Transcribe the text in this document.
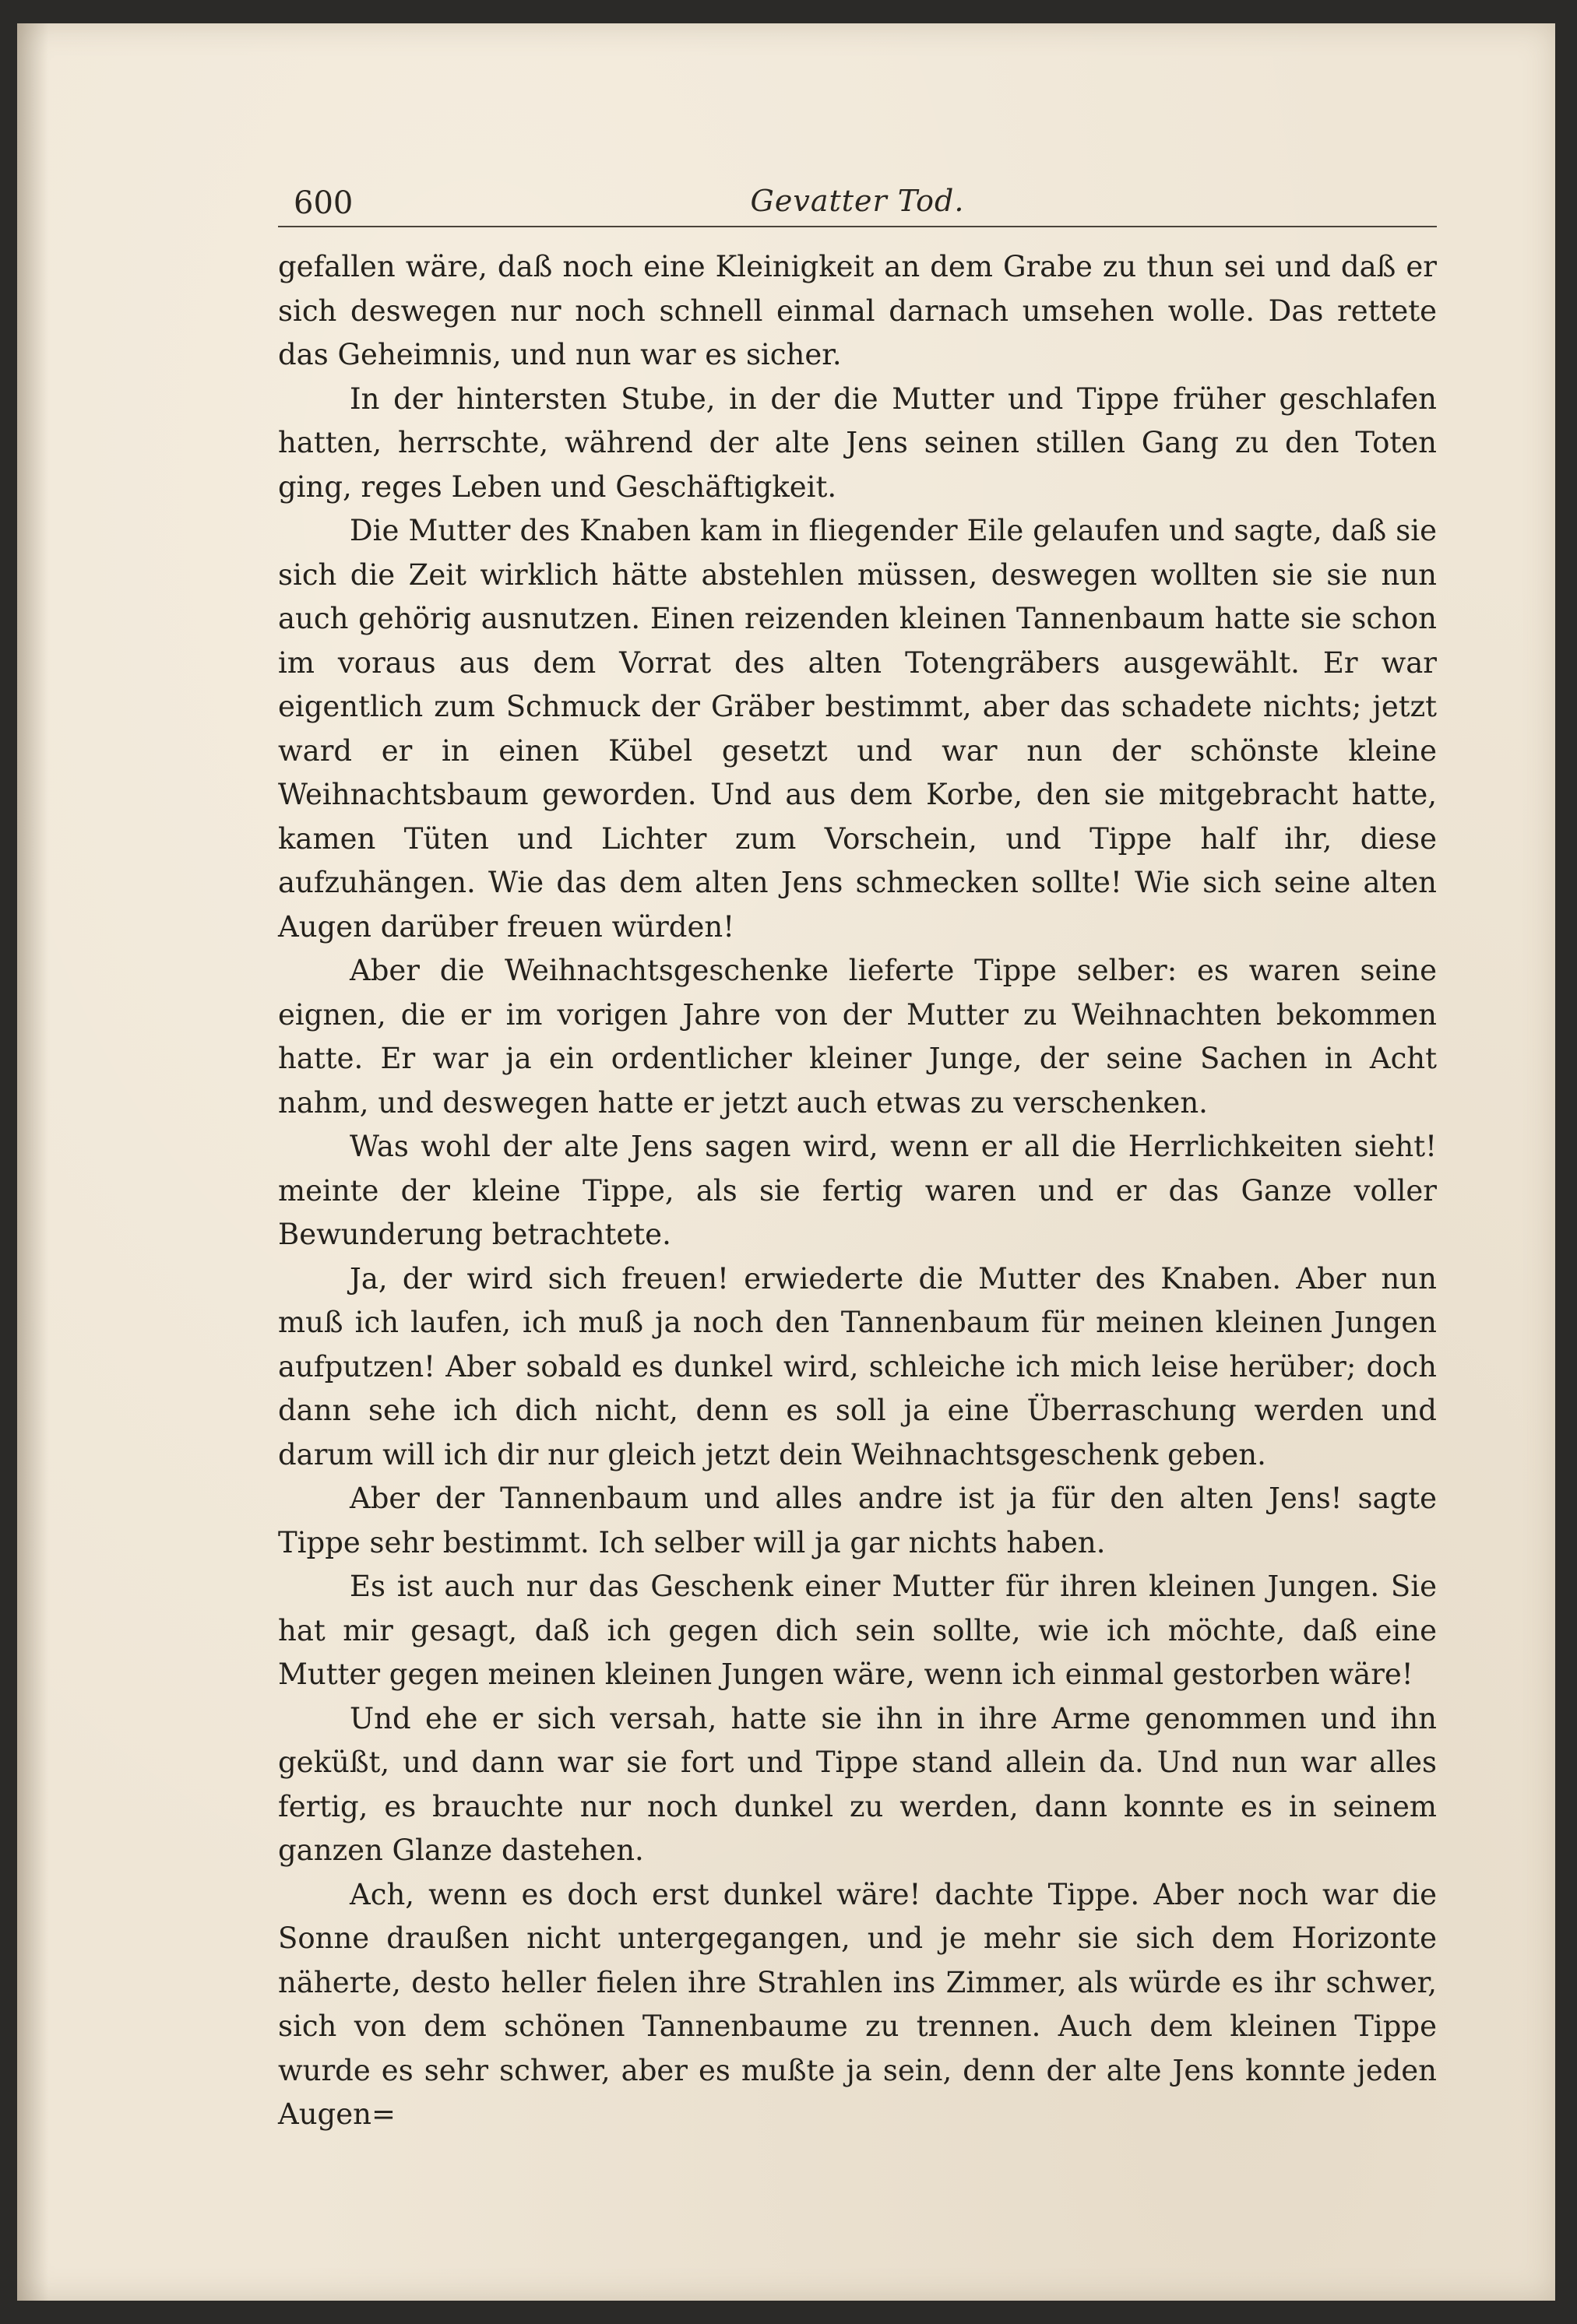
600	Gevatter Tod.

gefallen wäre, daß noch eine Kleinigkeit an dem Grabe zu thun sei und daß er sich deswegen nur noch schnell einmal darnach umsehen wolle. Das rettete das Geheimnis, und nun war es sicher.

In der hintersten Stube, in der die Mutter und Tippe früher geschlafen hatten, herrschte, während der alte Jens seinen stillen Gang zu den Toten ging, reges Leben und Geschäftigkeit.

Die Mutter des Knaben kam in fliegender Eile gelaufen und sagte, daß sie sich die Zeit wirklich hätte abstehlen müssen, deswegen wollten sie sie nun auch gehörig ausnutzen. Einen reizenden kleinen Tannenbaum hatte sie schon im voraus aus dem Vorrat des alten Totengräbers ausgewählt. Er war eigentlich zum Schmuck der Gräber bestimmt, aber das schadete nichts; jetzt ward er in einen Kübel gesetzt und war nun der schönste kleine Weihnachtsbaum geworden. Und aus dem Korbe, den sie mitgebracht hatte, kamen Tüten und Lichter zum Vorschein, und Tippe half ihr, diese aufzuhängen. Wie das dem alten Jens schmecken sollte! Wie sich seine alten Augen darüber freuen würden!

Aber die Weihnachtsgeschenke lieferte Tippe selber: es waren seine eignen, die er im vorigen Jahre von der Mutter zu Weihnachten bekommen hatte. Er war ja ein ordentlicher kleiner Junge, der seine Sachen in Acht nahm, und deswegen hatte er jetzt auch etwas zu verschenken.

Was wohl der alte Jens sagen wird, wenn er all die Herrlichkeiten sieht! meinte der kleine Tippe, als sie fertig waren und er das Ganze voller Bewunderung betrachtete.

Ja, der wird sich freuen! erwiederte die Mutter des Knaben. Aber nun muß ich laufen, ich muß ja noch den Tannenbaum für meinen kleinen Jungen aufputzen! Aber sobald es dunkel wird, schleiche ich mich leise herüber; doch dann sehe ich dich nicht, denn es soll ja eine Überraschung werden und darum will ich dir nur gleich jetzt dein Weihnachtsgeschenk geben.

Aber der Tannenbaum und alles andre ist ja für den alten Jens! sagte Tippe sehr bestimmt. Ich selber will ja gar nichts haben.

Es ist auch nur das Geschenk einer Mutter für ihren kleinen Jungen. Sie hat mir gesagt, daß ich gegen dich sein sollte, wie ich möchte, daß eine Mutter gegen meinen kleinen Jungen wäre, wenn ich einmal gestorben wäre!

Und ehe er sich versah, hatte sie ihn in ihre Arme genommen und ihn geküßt, und dann war sie fort und Tippe stand allein da. Und nun war alles fertig, es brauchte nur noch dunkel zu werden, dann konnte es in seinem ganzen Glanze dastehen.

Ach, wenn es doch erst dunkel wäre! dachte Tippe. Aber noch war die Sonne draußen nicht untergegangen, und je mehr sie sich dem Horizonte näherte, desto heller fielen ihre Strahlen ins Zimmer, als würde es ihr schwer, sich von dem schönen Tannenbaume zu trennen. Auch dem kleinen Tippe wurde es sehr schwer, aber es mußte ja sein, denn der alte Jens konnte jeden Augen=
